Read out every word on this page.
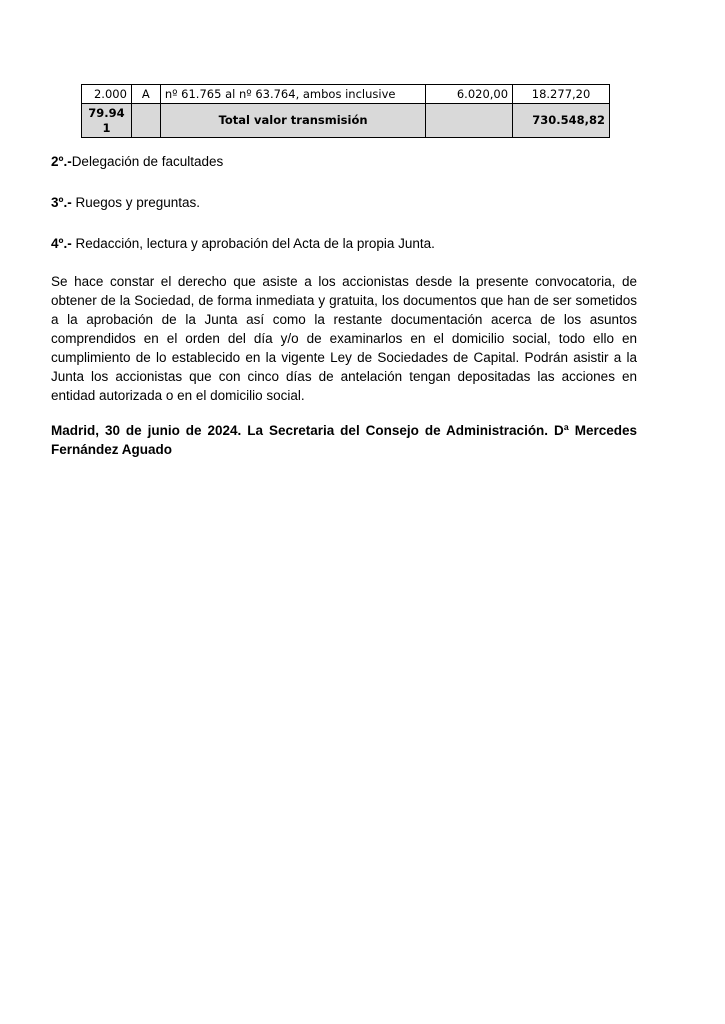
2.000	A	nº 61.765 al nº 63.764, ambos inclusive	6.020,00	18.277,20
79.941		Total valor transmisión		730.548,82
2º.-Delegación de facultades
3º.- Ruegos y preguntas.
4º.- Redacción, lectura y aprobación del Acta de la propia Junta.
Se hace constar el derecho que asiste a los accionistas desde la presente convocatoria, de obtener de la Sociedad, de forma inmediata y gratuita, los documentos que han de ser sometidos a la aprobación de la Junta así como la restante documentación acerca de los asuntos comprendidos en el orden del día y/o de examinarlos en el domicilio social, todo ello en cumplimiento de lo establecido en la vigente Ley de Sociedades de Capital. Podrán asistir a la Junta los accionistas que con cinco días de antelación tengan depositadas las acciones en entidad autorizada o en el domicilio social.
Madrid, 30 de junio de 2024. La Secretaria del Consejo de Administración. Dª Mercedes Fernández Aguado
